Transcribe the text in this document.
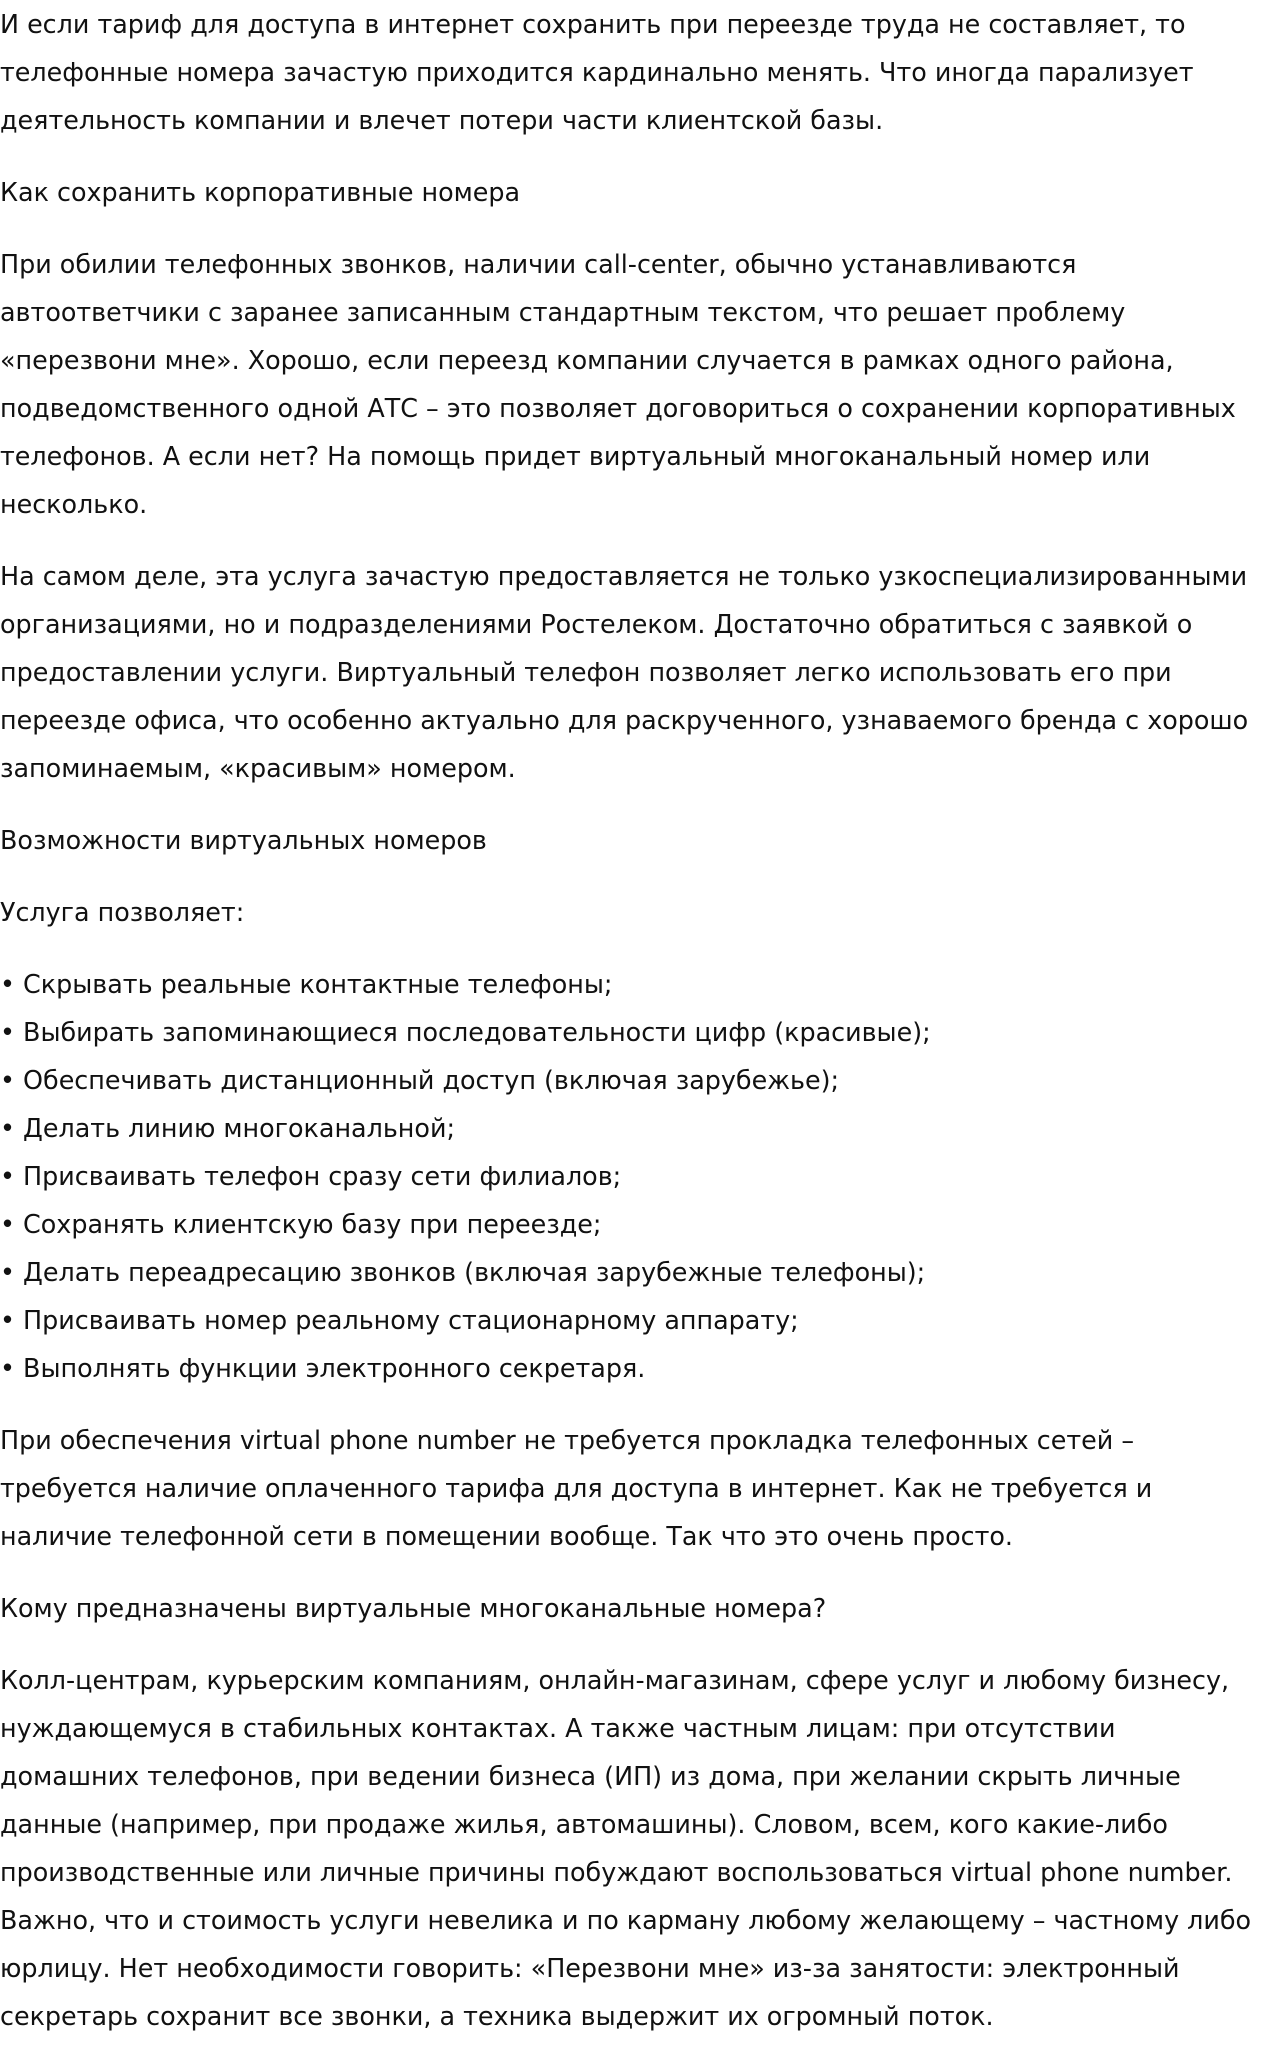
И если тариф для доступа в интернет сохранить при переезде труда не составляет, то телефонные номера зачастую приходится кардинально менять. Что иногда парализует деятельность компании и влечет потери части клиентской базы.

Как сохранить корпоративные номера

При обилии телефонных звонков, наличии call-center, обычно устанавливаются автоответчики с заранее записанным стандартным текстом, что решает проблему «перезвони мне». Хорошо, если переезд компании случается в рамках одного района, подведомственного одной АТС – это позволяет договориться о сохранении корпоративных телефонов. А если нет? На помощь придет виртуальный многоканальный номер или несколько.

На самом деле, эта услуга зачастую предоставляется не только узкоспециализированными организациями, но и подразделениями Ростелеком. Достаточно обратиться с заявкой о предоставлении услуги. Виртуальный телефон позволяет легко использовать его при переезде офиса, что особенно актуально для раскрученного, узнаваемого бренда с хорошо запоминаемым, «красивым» номером.

Возможности виртуальных номеров

Услуга позволяет:

• Скрывать реальные контактные телефоны;
• Выбирать запоминающиеся последовательности цифр (красивые);
• Обеспечивать дистанционный доступ (включая зарубежье);
• Делать линию многоканальной;
• Присваивать телефон сразу сети филиалов;
• Сохранять клиентскую базу при переезде;
• Делать переадресацию звонков (включая зарубежные телефоны);
• Присваивать номер реальному стационарному аппарату;
• Выполнять функции электронного секретаря.

При обеспечения virtual phone number не требуется прокладка телефонных сетей – требуется наличие оплаченного тарифа для доступа в интернет. Как не требуется и наличие телефонной сети в помещении вообще. Так что это очень просто.

Кому предназначены виртуальные многоканальные номера?

Колл-центрам, курьерским компаниям, онлайн-магазинам, сфере услуг и любому бизнесу, нуждающемуся в стабильных контактах. А также частным лицам: при отсутствии домашних телефонов, при ведении бизнеса (ИП) из дома, при желании скрыть личные данные (например, при продаже жилья, автомашины). Словом, всем, кого какие-либо производственные или личные причины побуждают воспользоваться virtual phone number. Важно, что и стоимость услуги невелика и по карману любому желающему – частному либо юрлицу. Нет необходимости говорить: «Перезвони мне» из-за занятости: электронный секретарь сохранит все звонки, а техника выдержит их огромный поток.
